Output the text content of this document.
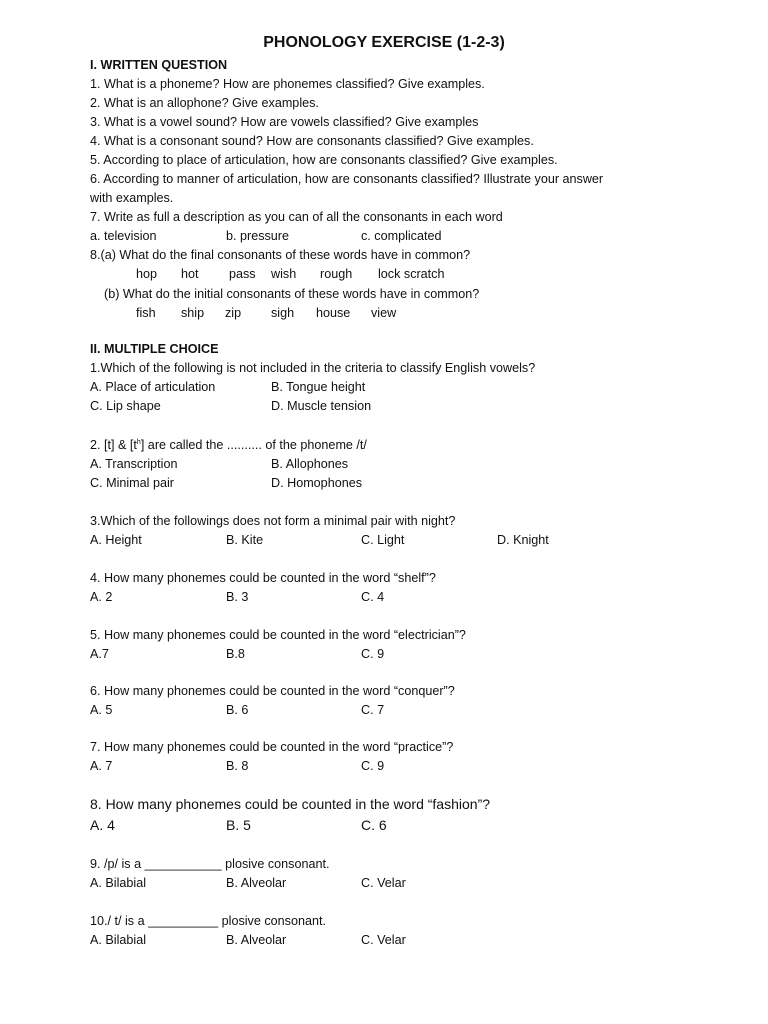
PHONOLOGY EXERCISE (1-2-3)
I. WRITTEN QUESTION
1. What is a phoneme? How are phonemes classified? Give examples.
2. What is an allophone? Give examples.
3. What is a vowel sound? How are vowels classified? Give examples
4. What is a consonant sound? How are consonants classified? Give examples.
5. According to place of articulation, how are consonants classified? Give examples.
6. According to manner of articulation, how are consonants classified? Illustrate your answer
with examples.
7. Write as full a description as you can of all the consonants in each word
a. television	b. pressure	c. complicated
8.(a) What do the final consonants of these words have in common?
hop hot pass wish rough lock scratch
(b) What do the initial consonants of these words have in common?
fish ship zip sigh house view
II. MULTIPLE CHOICE
1.Which of the following is not included in the criteria to classify English vowels?
A. Place of articulation	B. Tongue height
C. Lip shape	D. Muscle tension
2. [t] & $[t^h]$ are called the .......... of the phoneme /t/
A. Transcription	B. Allophones
C. Minimal pair	D. Homophones
3.Which of the followings does not form a minimal pair with night?
A. Height	B. Kite	C. Light	D. Knight
4. How many phonemes could be counted in the word “shelf”?
A. 2	B. 3	C. 4
5. How many phonemes could be counted in the word “electrician”?
A.7	B.8	C. 9
6. How many phonemes could be counted in the word “conquer”?
A. 5	B. 6	C. 7
7. How many phonemes could be counted in the word “practice”?
A. 7	B. 8	C. 9
8. How many phonemes could be counted in the word “fashion”?
A. 4	B. 5	C. 6
9. /p/ is a ___________ plosive consonant.
A. Bilabial	B. Alveolar	C. Velar
10./ t/ is a __________ plosive consonant.
A. Bilabial	B. Alveolar	C. Velar
